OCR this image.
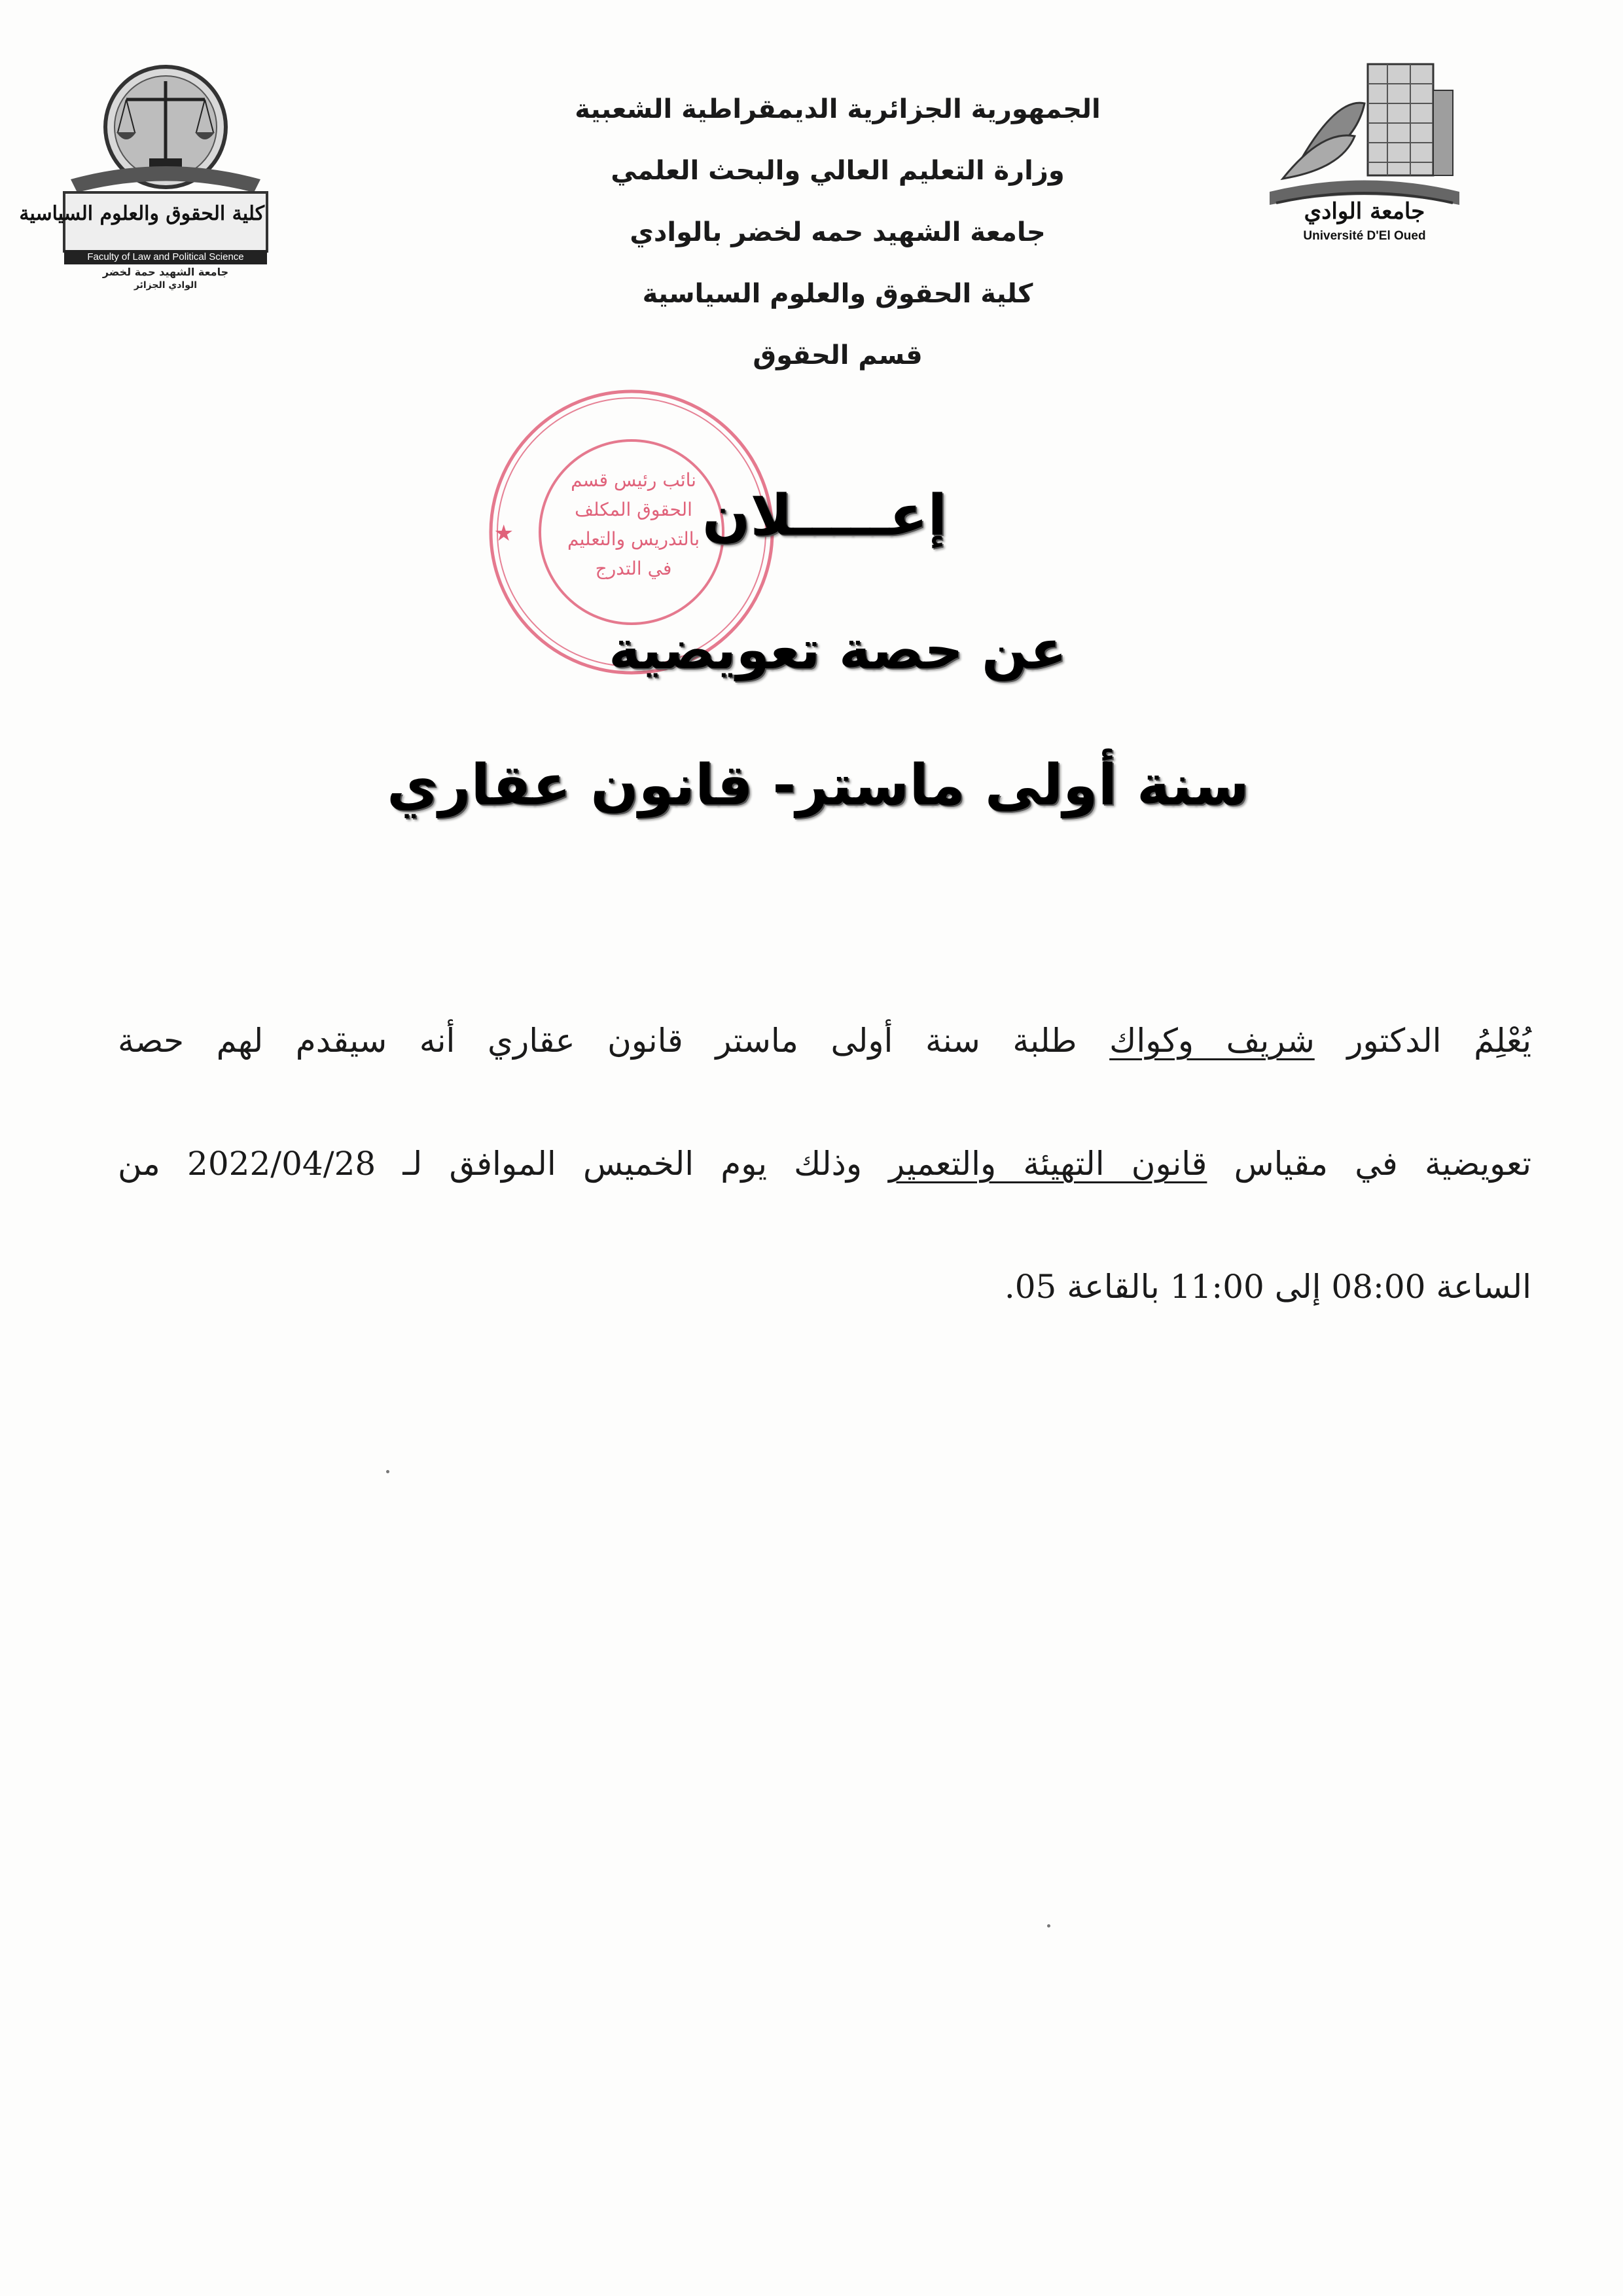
كلية الحقوق والعلوم السياسية
Faculty of Law and Political Science
جامعة الشهيد حمة لخضر
الوادي الجزائر
جامعة الوادي
Université D'El Oued
الجمهورية الجزائرية الديمقراطية الشعبية
وزارة التعليم العالي والبحث العلمي
جامعة الشهيد حمه لخضر بالوادي
كلية الحقوق والعلوم السياسية
قسم الحقوق
★
نائب رئيس قسم
الحقوق المكلف
بالتدريس والتعليم
في التدرج
إعـــــلان
عن حصة تعويضية
سنة أولى ماستر- قانون عقاري
يُعْلِمُ الدكتور شريف وكواك طلبة سنة أولى ماستر قانون عقاري أنه سيقدم لهم حصة
تعويضية في مقياس قانون التهيئة والتعمير وذلك يوم الخميس الموافق لـ 2022/04/28 من
الساعة 08:00 إلى 11:00 بالقاعة 05.
